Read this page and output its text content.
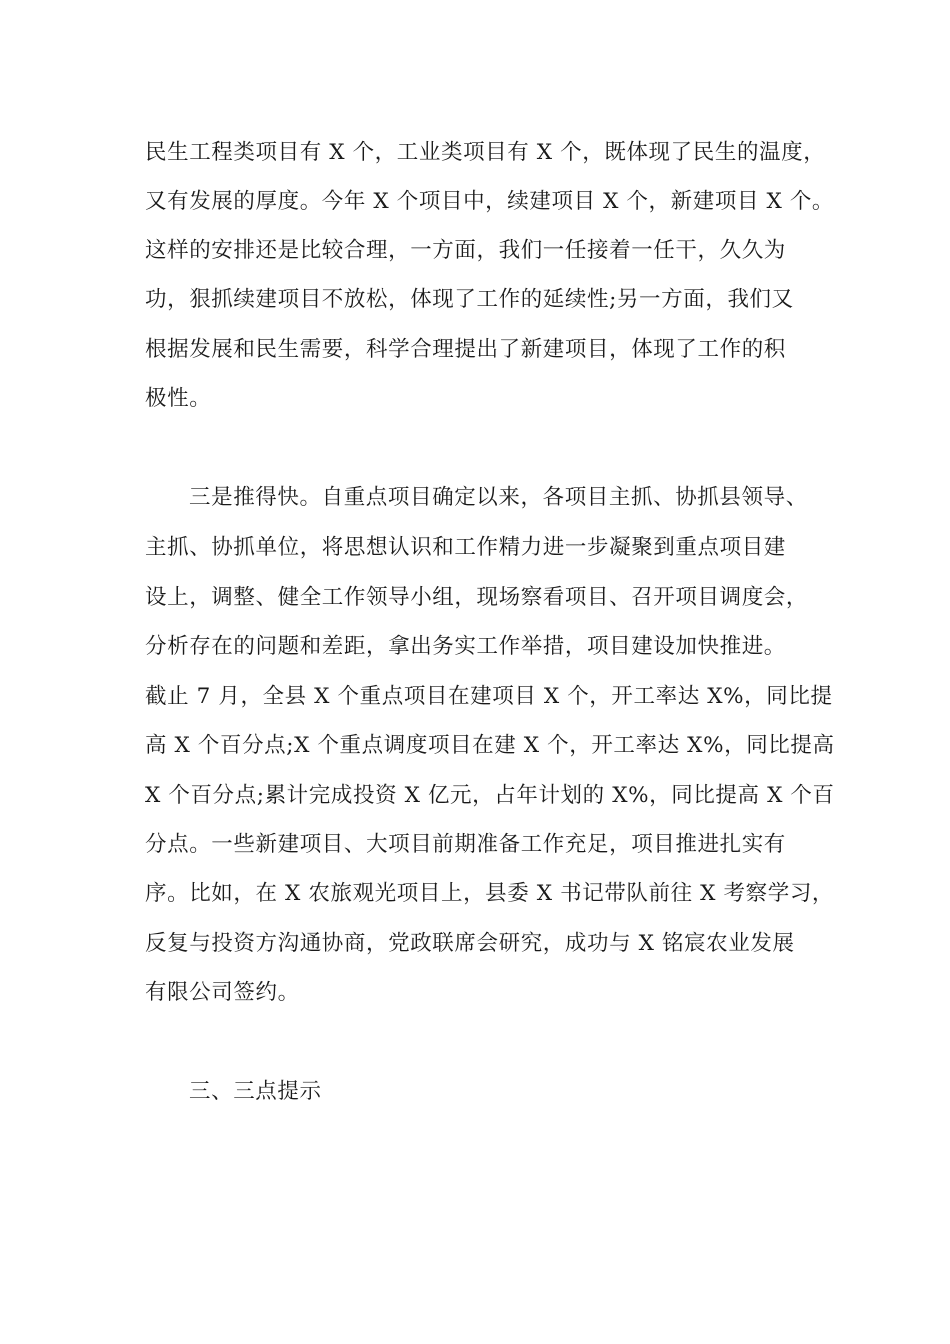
民生工程类项目有 X 个，工业类项目有 X 个，既体现了民生的温度，

又有发展的厚度。今年 X 个项目中，续建项目 X 个，新建项目 X 个。

这样的安排还是比较合理，一方面，我们一任接着一任干，久久为

功，狠抓续建项目不放松，体现了工作的延续性;另一方面，我们又

根据发展和民生需要，科学合理提出了新建项目，体现了工作的积

极性。

三是推得快。自重点项目确定以来，各项目主抓、协抓县领导、

主抓、协抓单位，将思想认识和工作精力进一步凝聚到重点项目建

设上，调整、健全工作领导小组，现场察看项目、召开项目调度会，

分析存在的问题和差距，拿出务实工作举措，项目建设加快推进。

截止 7 月，全县 X 个重点项目在建项目 X 个，开工率达 X%，同比提

高 X 个百分点;X 个重点调度项目在建 X 个，开工率达 X%，同比提高

X 个百分点;累计完成投资 X 亿元，占年计划的 X%，同比提高 X 个百

分点。一些新建项目、大项目前期准备工作充足，项目推进扎实有

序。比如，在 X 农旅观光项目上，县委 X 书记带队前往 X 考察学习，

反复与投资方沟通协商，党政联席会研究，成功与 X 铭宸农业发展

有限公司签约。

三、三点提示
